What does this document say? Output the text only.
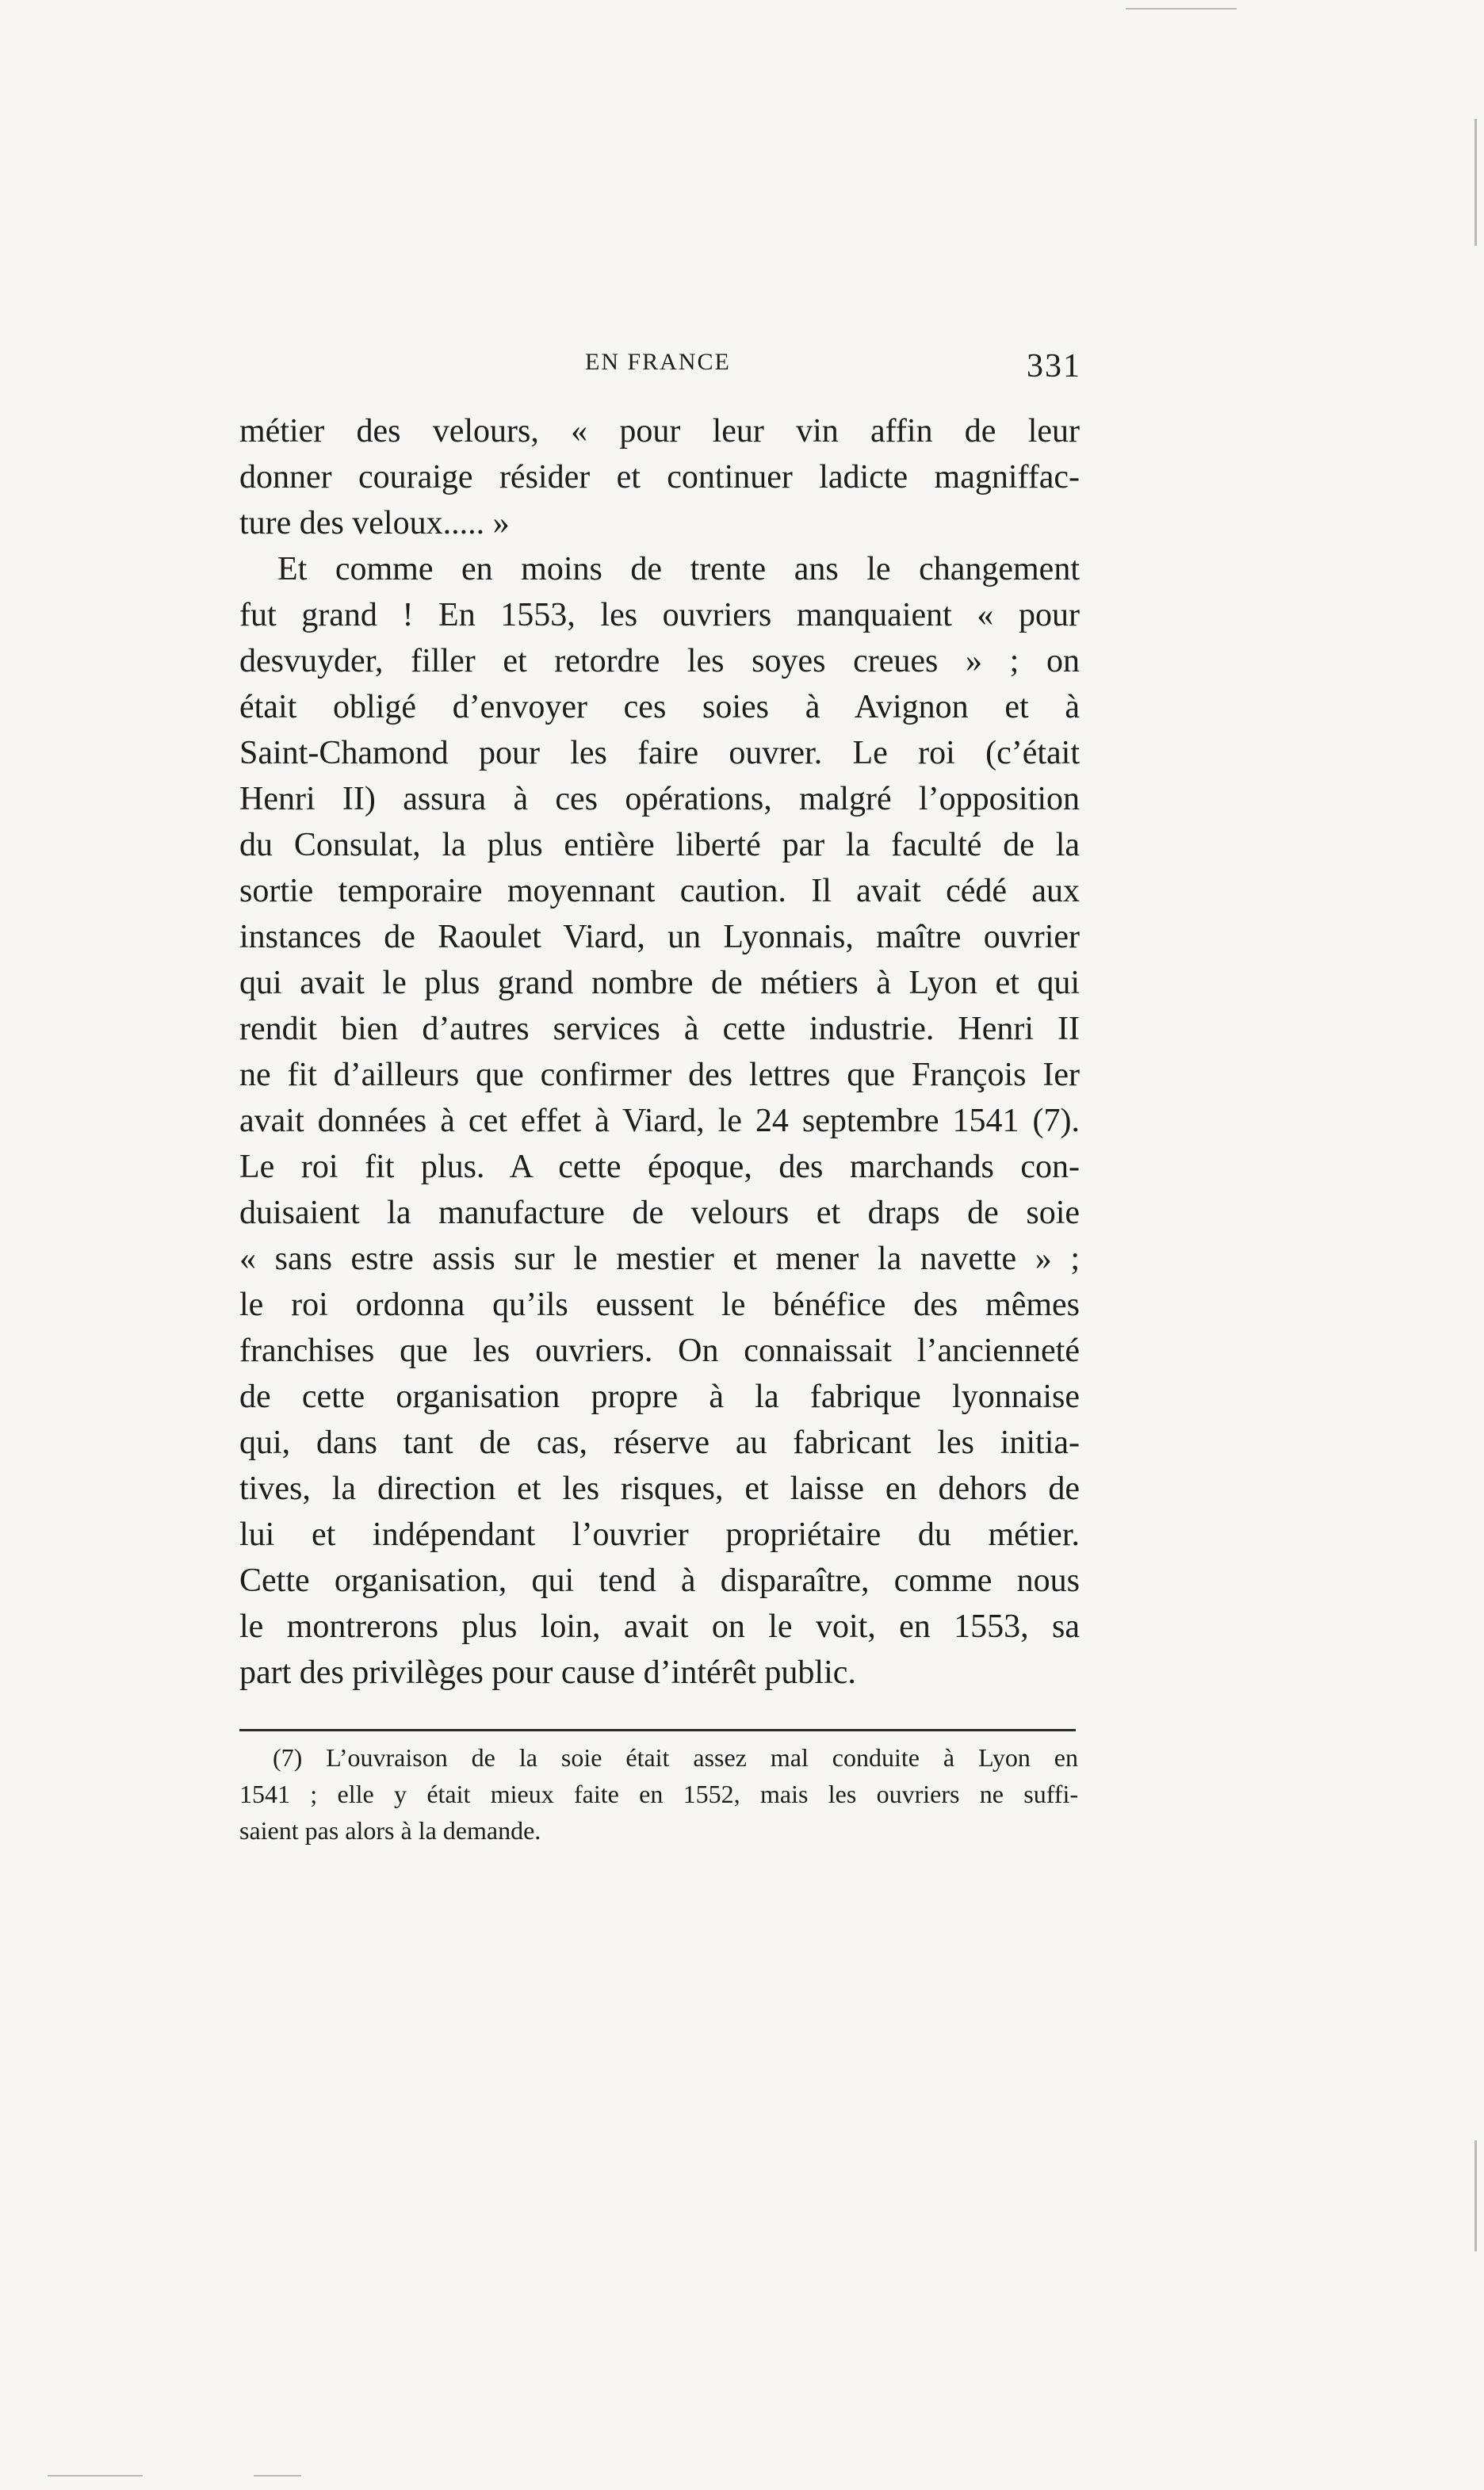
EN FRANCE	331
métier des velours, « pour leur vin affin de leur
donner couraige résider et continuer ladicte magniffac-
ture des veloux..... »
Et comme en moins de trente ans le changement
fut grand ! En 1553, les ouvriers manquaient « pour
desvuyder, filler et retordre les soyes creues » ; on
était obligé d’envoyer ces soies à Avignon et à
Saint-Chamond pour les faire ouvrer. Le roi (c’était
Henri II) assura à ces opérations, malgré l’opposition
du Consulat, la plus entière liberté par la faculté de la
sortie temporaire moyennant caution. Il avait cédé aux
instances de Raoulet Viard, un Lyonnais, maître ouvrier
qui avait le plus grand nombre de métiers à Lyon et qui
rendit bien d’autres services à cette industrie. Henri II
ne fit d’ailleurs que confirmer des lettres que François Ier
avait données à cet effet à Viard, le 24 septembre 1541 (7).
Le roi fit plus. A cette époque, des marchands con-
duisaient la manufacture de velours et draps de soie
« sans estre assis sur le mestier et mener la navette » ;
le roi ordonna qu’ils eussent le bénéfice des mêmes
franchises que les ouvriers. On connaissait l’ancienneté
de cette organisation propre à la fabrique lyonnaise
qui, dans tant de cas, réserve au fabricant les initia-
tives, la direction et les risques, et laisse en dehors de
lui et indépendant l’ouvrier propriétaire du métier.
Cette organisation, qui tend à disparaître, comme nous
le montrerons plus loin, avait on le voit, en 1553, sa
part des privilèges pour cause d’intérêt public.
(7) L’ouvraison de la soie était assez mal conduite à Lyon en
1541 ; elle y était mieux faite en 1552, mais les ouvriers ne suffi-
saient pas alors à la demande.
